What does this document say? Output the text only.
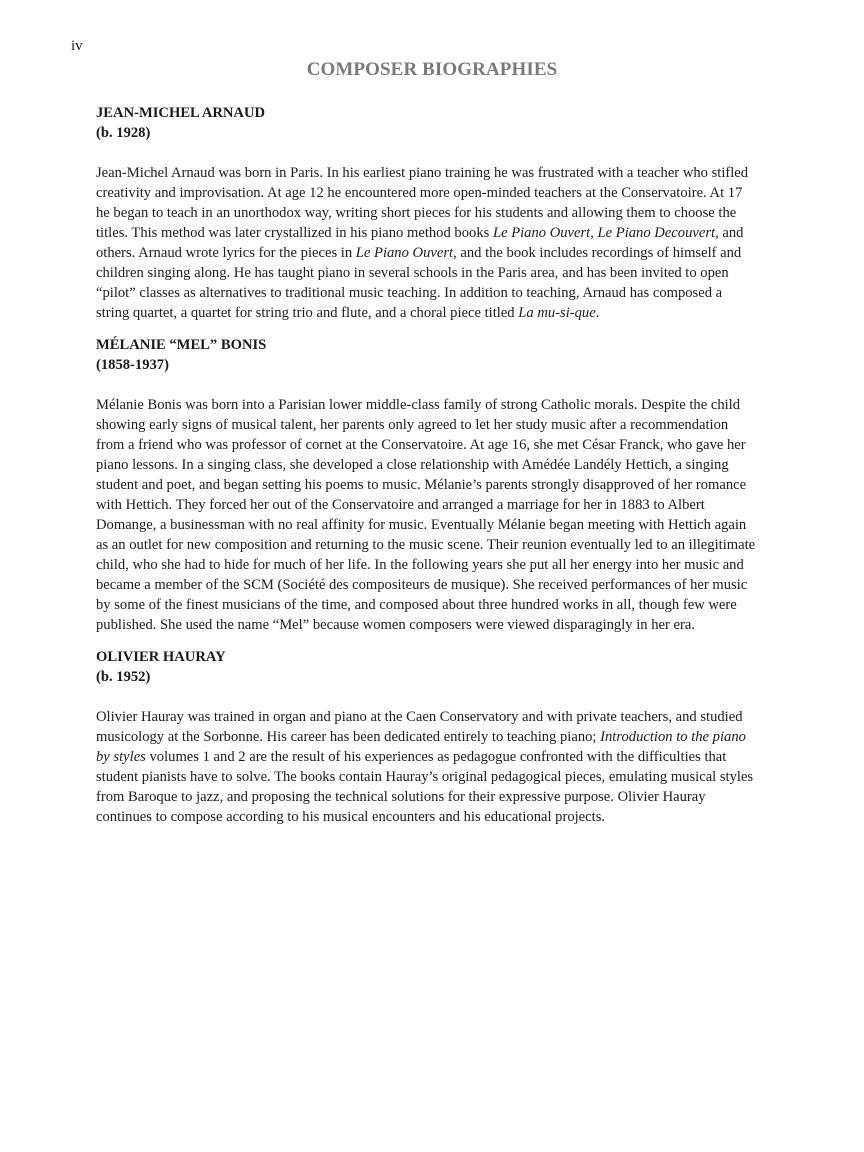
iv
COMPOSER BIOGRAPHIES
JEAN-MICHEL ARNAUD
(b. 1928)

Jean-Michel Arnaud was born in Paris. In his earliest piano training he was frustrated with a teacher who stifled creativity and improvisation. At age 12 he encountered more open-minded teachers at the Conservatoire. At 17 he began to teach in an unorthodox way, writing short pieces for his students and allowing them to choose the titles. This method was later crystallized in his piano method books Le Piano Ouvert, Le Piano Decouvert, and others. Arnaud wrote lyrics for the pieces in Le Piano Ouvert, and the book includes recordings of himself and children singing along. He has taught piano in several schools in the Paris area, and has been invited to open “pilot” classes as alternatives to traditional music teaching. In addition to teaching, Arnaud has composed a string quartet, a quartet for string trio and flute, and a choral piece titled La mu-si-que.

MÉLANIE “MEL” BONIS
(1858-1937)

Mélanie Bonis was born into a Parisian lower middle-class family of strong Catholic morals. Despite the child showing early signs of musical talent, her parents only agreed to let her study music after a recommendation from a friend who was professor of cornet at the Conservatoire. At age 16, she met César Franck, who gave her piano lessons. In a singing class, she developed a close relationship with Amédée Landély Hettich, a singing student and poet, and began setting his poems to music. Mélanie’s parents strongly disapproved of her romance with Hettich. They forced her out of the Conservatoire and arranged a marriage for her in 1883 to Albert Domange, a businessman with no real affinity for music. Eventually Mélanie began meeting with Hettich again as an outlet for new composition and returning to the music scene. Their reunion eventually led to an illegitimate child, who she had to hide for much of her life. In the following years she put all her energy into her music and became a member of the SCM (Société des compositeurs de musique). She received performances of her music by some of the finest musicians of the time, and composed about three hundred works in all, though few were published. She used the name “Mel” because women composers were viewed disparagingly in her era.

OLIVIER HAURAY
(b. 1952)

Olivier Hauray was trained in organ and piano at the Caen Conservatory and with private teachers, and studied musicology at the Sorbonne. His career has been dedicated entirely to teaching piano; Introduction to the piano by styles volumes 1 and 2 are the result of his experiences as pedagogue confronted with the difficulties that student pianists have to solve. The books contain Hauray’s original pedagogical pieces, emulating musical styles from Baroque to jazz, and proposing the technical solutions for their expressive purpose. Olivier Hauray continues to compose according to his musical encounters and his educational projects.
